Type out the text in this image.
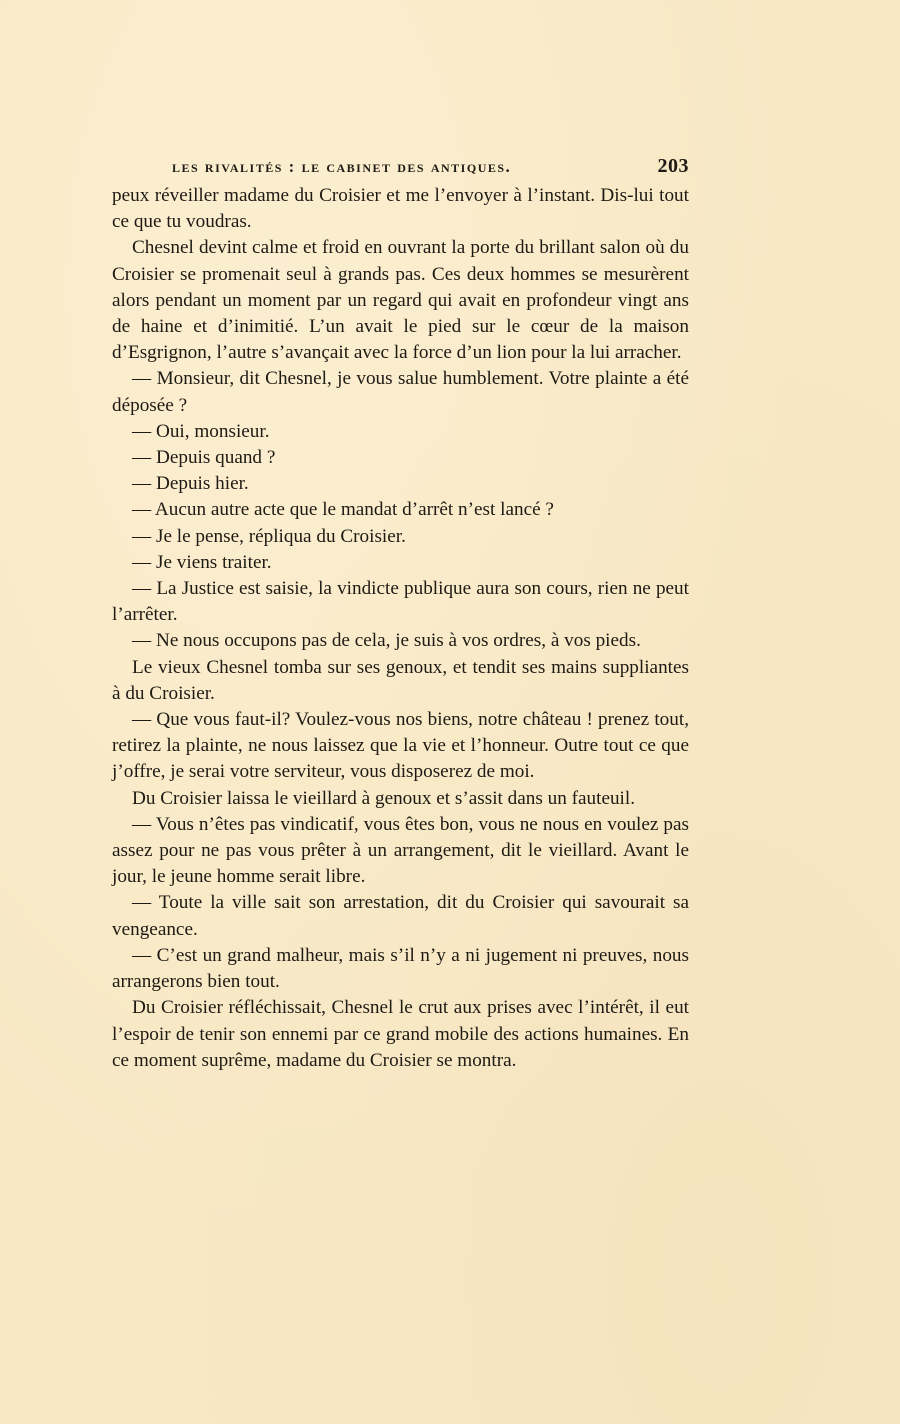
les rivalités : le cabinet des antiques.	203

peux réveiller madame du Croisier et me l’envoyer à l’instant. Dis-lui tout ce que tu voudras.

Chesnel devint calme et froid en ouvrant la porte du brillant salon où du Croisier se promenait seul à grands pas. Ces deux hommes se mesurèrent alors pendant un moment par un regard qui avait en profondeur vingt ans de haine et d’inimitié. L’un avait le pied sur le cœur de la maison d’Esgrignon, l’autre s’avançait avec la force d’un lion pour la lui arracher.

— Monsieur, dit Chesnel, je vous salue humblement. Votre plainte a été déposée ?

— Oui, monsieur.

— Depuis quand ?

— Depuis hier.

— Aucun autre acte que le mandat d’arrêt n’est lancé ?

— Je le pense, répliqua du Croisier.

— Je viens traiter.

— La Justice est saisie, la vindicte publique aura son cours, rien ne peut l’arrêter.

— Ne nous occupons pas de cela, je suis à vos ordres, à vos pieds.

Le vieux Chesnel tomba sur ses genoux, et tendit ses mains suppliantes à du Croisier.

— Que vous faut-il? Voulez-vous nos biens, notre château ! prenez tout, retirez la plainte, ne nous laissez que la vie et l’honneur. Outre tout ce que j’offre, je serai votre serviteur, vous disposerez de moi.

Du Croisier laissa le vieillard à genoux et s’assit dans un fauteuil.

— Vous n’êtes pas vindicatif, vous êtes bon, vous ne nous en voulez pas assez pour ne pas vous prêter à un arrangement, dit le vieillard. Avant le jour, le jeune homme serait libre.

— Toute la ville sait son arrestation, dit du Croisier qui savourait sa vengeance.

— C’est un grand malheur, mais s’il n’y a ni jugement ni preuves, nous arrangerons bien tout.

Du Croisier réfléchissait, Chesnel le crut aux prises avec l’intérêt, il eut l’espoir de tenir son ennemi par ce grand mobile des actions humaines. En ce moment suprême, madame du Croisier se montra.
